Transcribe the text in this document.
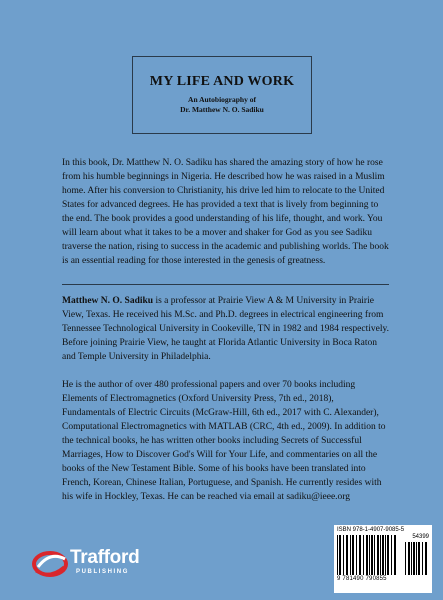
MY LIFE AND WORK
An Autobiography of
Dr. Matthew N. O. Sadiku

In this book, Dr. Matthew N. O. Sadiku has shared the amazing story of how he rose from his humble beginnings in Nigeria. He described how he was raised in a Muslim home. After his conversion to Christianity, his drive led him to relocate to the United States for advanced degrees. He has provided a text that is lively from beginning to the end. The book provides a good understanding of his life, thought, and work. You will learn about what it takes to be a mover and shaker for God as you see Sadiku traverse the nation, rising to success in the academic and publishing worlds. The book is an essential reading for those interested in the genesis of greatness.

Matthew N. O. Sadiku is a professor at Prairie View A & M University in Prairie View, Texas. He received his M.Sc. and Ph.D. degrees in electrical engineering from Tennessee Technological University in Cookeville, TN in 1982 and 1984 respectively. Before joining Prairie View, he taught at Florida Atlantic University in Boca Raton and Temple University in Philadelphia.

He is the author of over 480 professional papers and over 70 books including Elements of Electromagnetics (Oxford University Press, 7th ed., 2018), Fundamentals of Electric Circuits (McGraw-Hill, 6th ed., 2017 with C. Alexander), Computational Electromagnetics with MATLAB (CRC, 4th ed., 2009). In addition to the technical books, he has written other books including Secrets of Successful Marriages, How to Discover God's Will for Your Life, and commentaries on all the books of the New Testament Bible. Some of his books have been translated into French, Korean, Chinese Italian, Portuguese, and Spanish. He currently resides with his wife in Hockley, Texas. He can be reached via email at sadiku@ieee.org

ISBN 978-1-4907-9085-5
54399
9 781490 790855
Trafford
PUBLISHING
